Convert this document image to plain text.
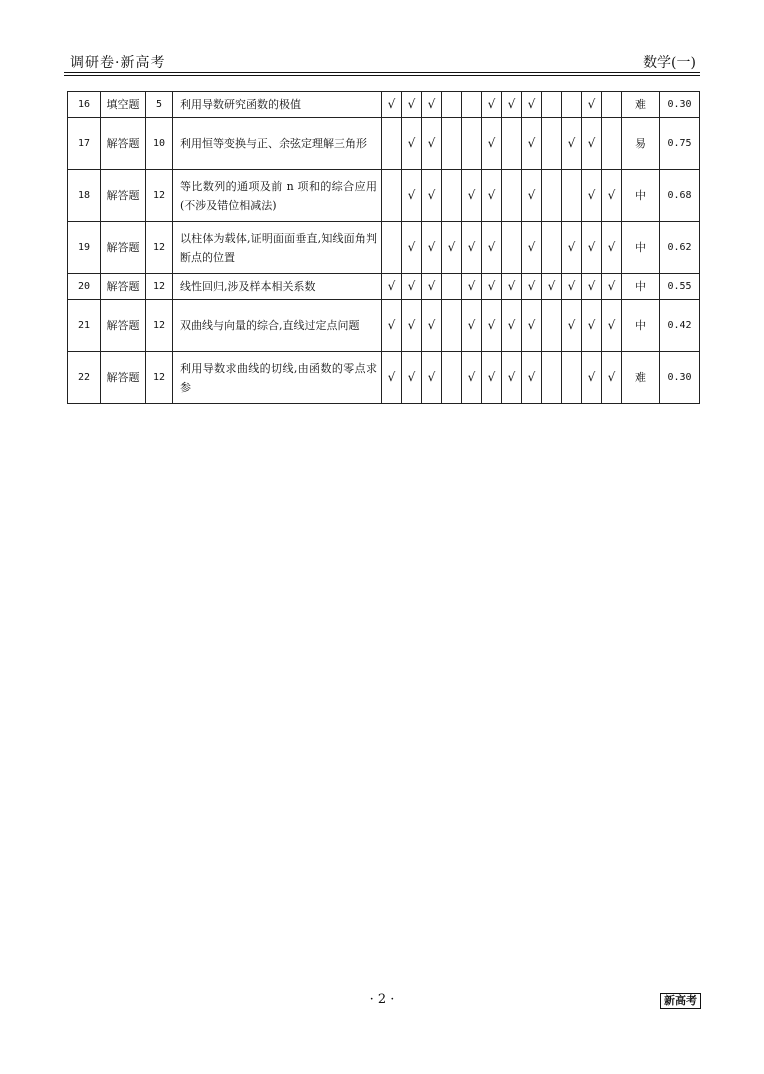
调研卷·新高考	数学(一)
16	填空题	5	利用导数研究函数的极值	√	√	√			√	√	√			√		难	0.30
17	解答题	10	利用恒等变换与正、余弦定理解三角形		√	√			√		√		√	√		易	0.75
18	解答题	12	等比数列的通项及前 n 项和的综合应用(不涉及错位相减法)		√	√		√	√		√			√	√	中	0.68
19	解答题	12	以柱体为载体,证明面面垂直,知线面角判断点的位置		√	√	√	√	√		√		√	√	√	中	0.62
20	解答题	12	线性回归,涉及样本相关系数	√	√	√		√	√	√	√	√	√	√	√	中	0.55
21	解答题	12	双曲线与向量的综合,直线过定点问题	√	√	√		√	√	√	√		√	√	√	中	0.42
22	解答题	12	利用导数求曲线的切线,由函数的零点求参	√	√	√		√	√	√	√			√	√	难	0.30
· 2 ·	新高考
